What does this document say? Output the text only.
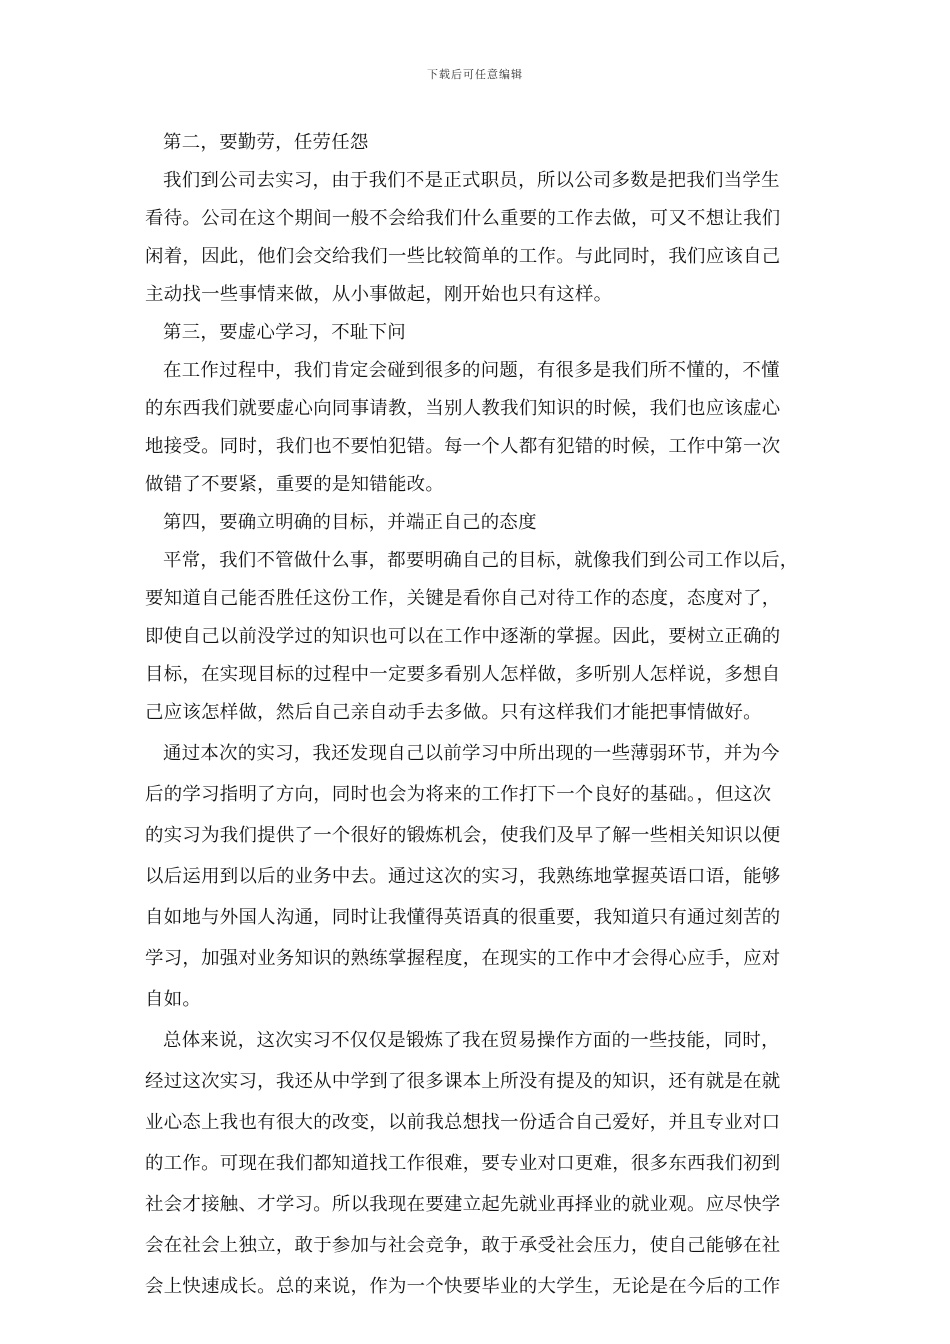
下载后可任意编辑
第二，要勤劳，任劳任怨
我们到公司去实习，由于我们不是正式职员，所以公司多数是把我们当学生
看待。公司在这个期间一般不会给我们什么重要的工作去做，可又不想让我们
闲着，因此，他们会交给我们一些比较简单的工作。与此同时，我们应该自己
主动找一些事情来做，从小事做起，刚开始也只有这样。
第三，要虚心学习，不耻下问
在工作过程中，我们肯定会碰到很多的问题，有很多是我们所不懂的，不懂
的东西我们就要虚心向同事请教，当别人教我们知识的时候，我们也应该虚心
地接受。同时，我们也不要怕犯错。每一个人都有犯错的时候，工作中第一次
做错了不要紧，重要的是知错能改。
第四，要确立明确的目标，并端正自己的态度
平常，我们不管做什么事，都要明确自己的目标，就像我们到公司工作以后，
要知道自己能否胜任这份工作，关键是看你自己对待工作的态度，态度对了，
即使自己以前没学过的知识也可以在工作中逐渐的掌握。因此，要树立正确的
目标，在实现目标的过程中一定要多看别人怎样做，多听别人怎样说，多想自
己应该怎样做，然后自己亲自动手去多做。只有这样我们才能把事情做好。
通过本次的实习，我还发现自己以前学习中所出现的一些薄弱环节，并为今
后的学习指明了方向，同时也会为将来的工作打下一个良好的基础。，但这次
的实习为我们提供了一个很好的锻炼机会，使我们及早了解一些相关知识以便
以后运用到以后的业务中去。通过这次的实习，我熟练地掌握英语口语，能够
自如地与外国人沟通，同时让我懂得英语真的很重要，我知道只有通过刻苦的
学习，加强对业务知识的熟练掌握程度，在现实的工作中才会得心应手，应对
自如。
总体来说，这次实习不仅仅是锻炼了我在贸易操作方面的一些技能，同时，
经过这次实习，我还从中学到了很多课本上所没有提及的知识，还有就是在就
业心态上我也有很大的改变，以前我总想找一份适合自己爱好，并且专业对口
的工作。可现在我们都知道找工作很难，要专业对口更难，很多东西我们初到
社会才接触、才学习。所以我现在要建立起先就业再择业的就业观。应尽快学
会在社会上独立，敢于参加与社会竞争，敢于承受社会压力，使自己能够在社
会上快速成长。总的来说，作为一个快要毕业的大学生，无论是在今后的工作
